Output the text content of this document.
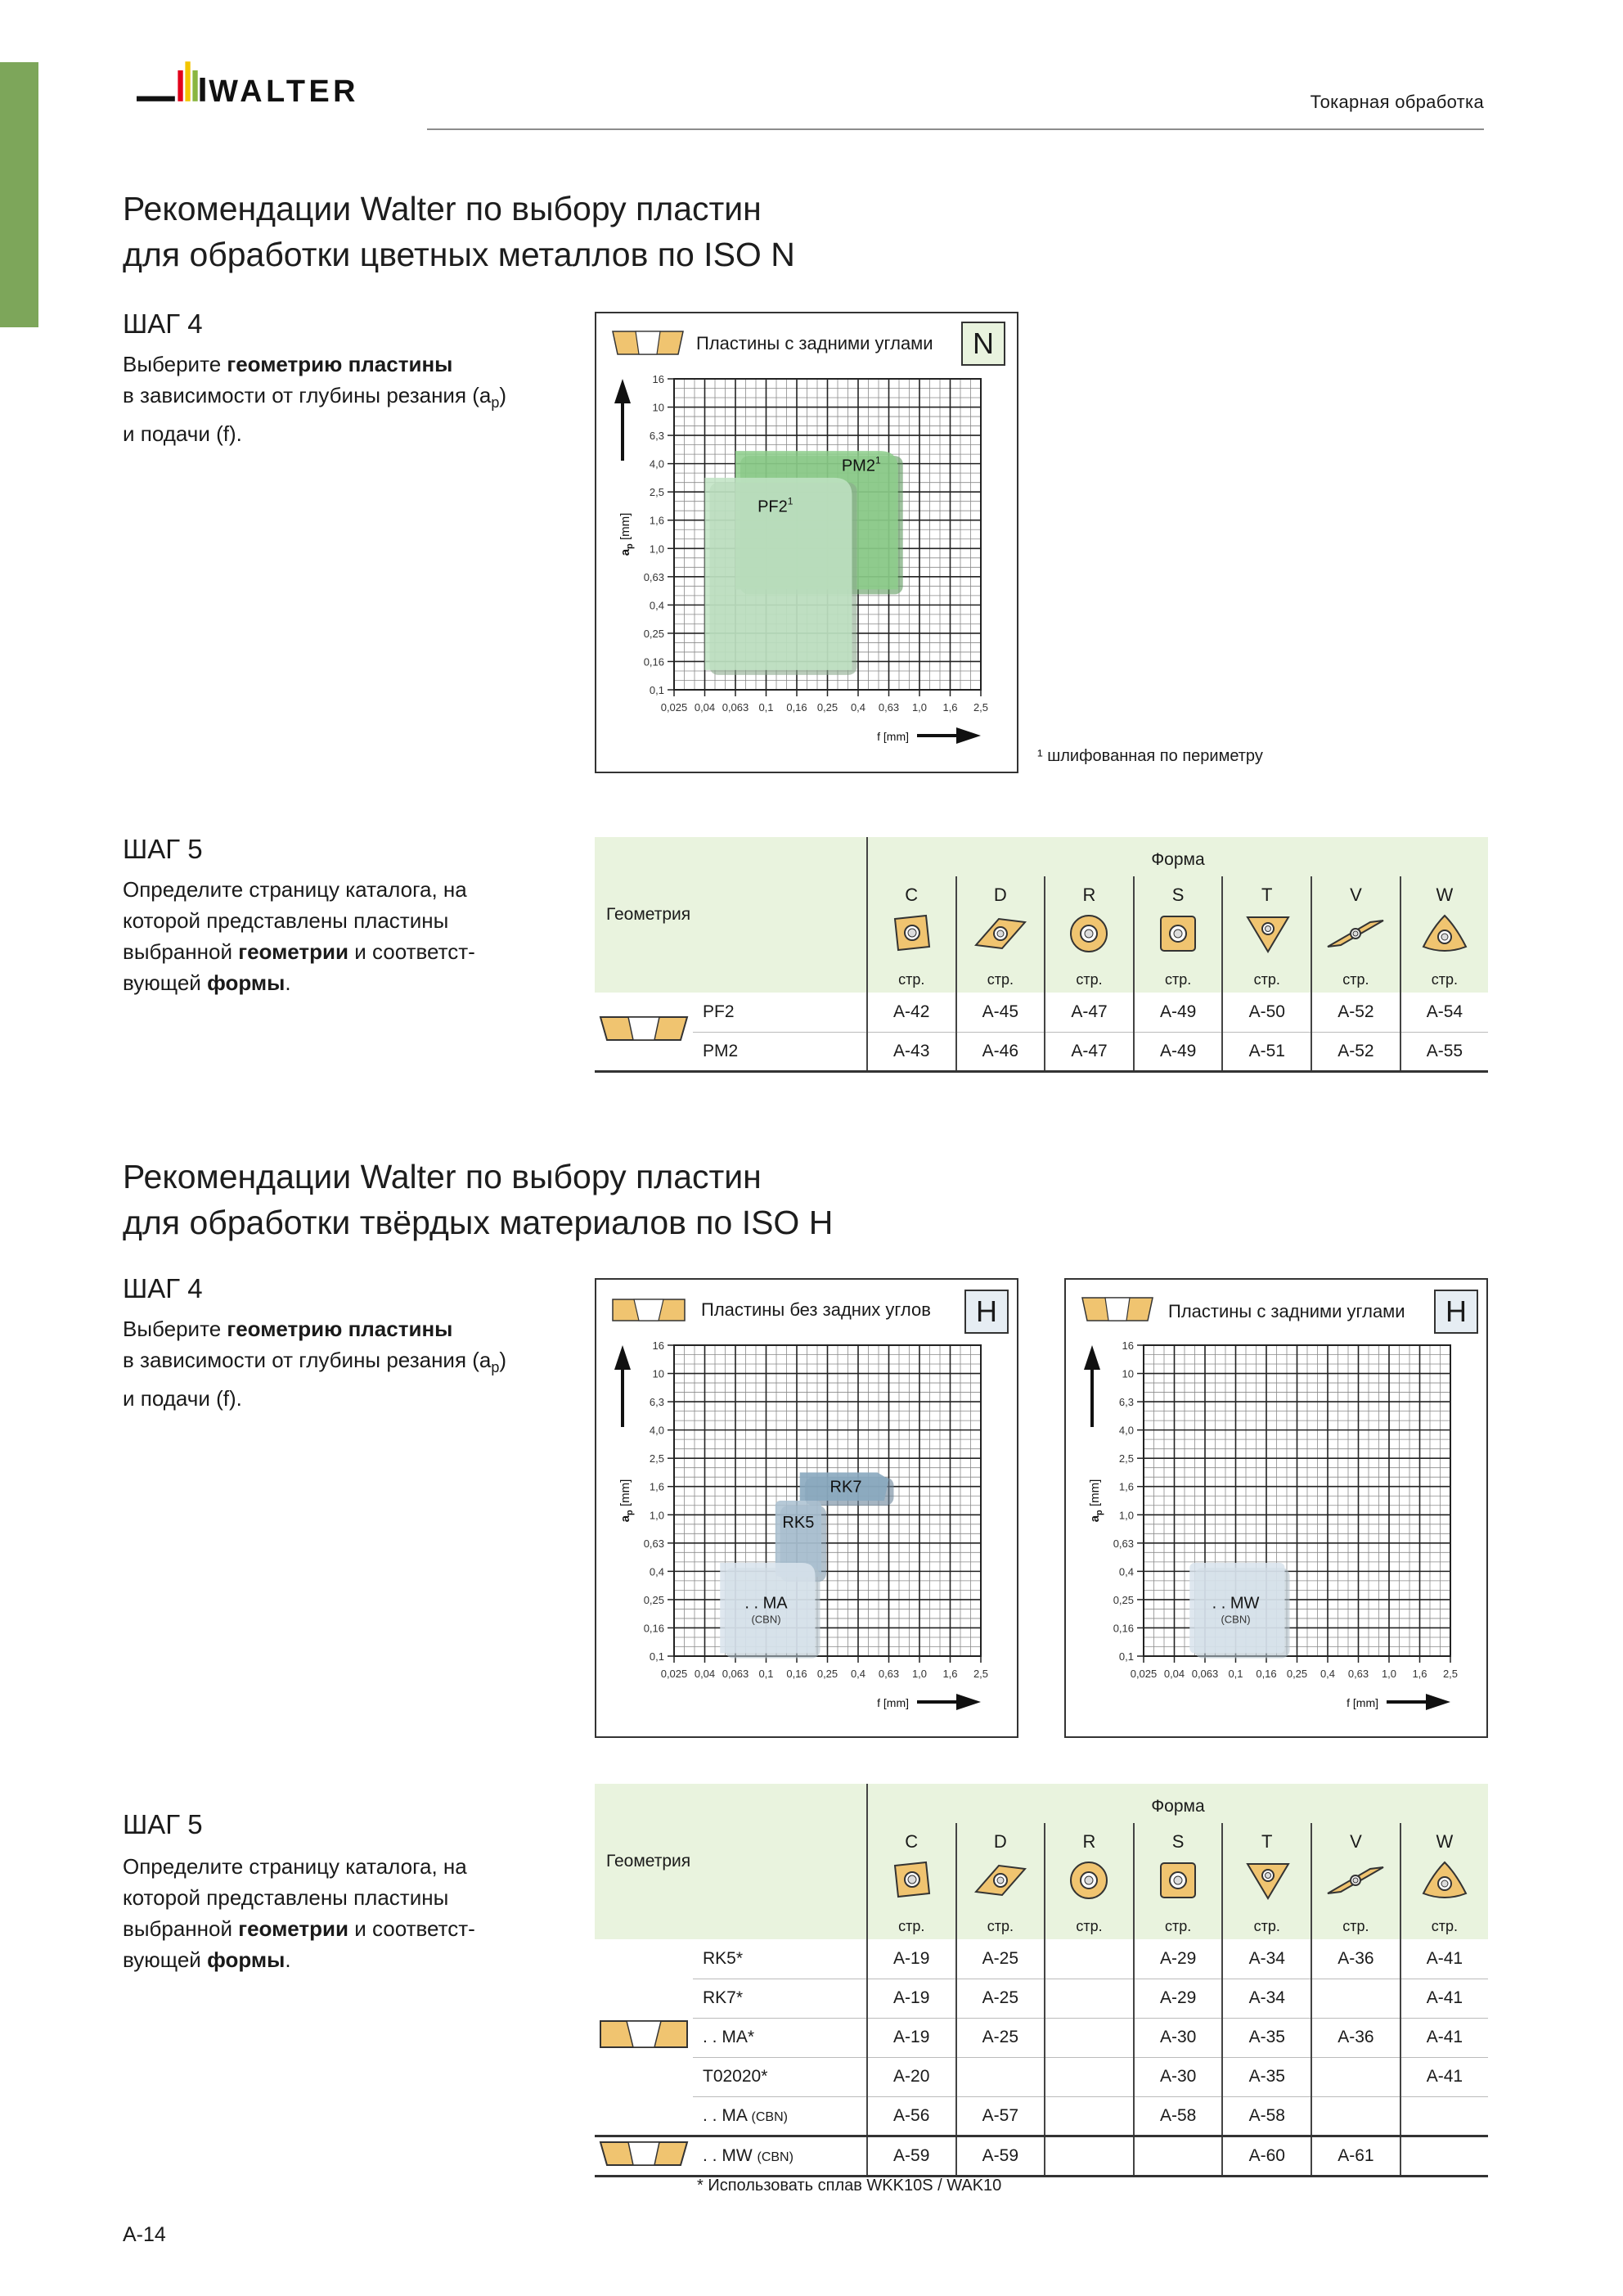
WALTER	Токарная обработка
Рекомендации Walter по выбору пластин
для обработки цветных металлов по ISO N
ШАГ 4
Выберите геометрию пластины
в зависимости от глубины резания $(a_p)$
и подачи (f).
16
10
6,3
4,0
2,5
1,6
1,0
0,63
0,4
0,25
0,16
0,1
0,025 0,04 0,063 0,1 0,16 0,25 0,4 0,63 1,0 1,6 2,5
$a_p$ [mm]
f [mm]
$PM2^1$
$PF2^1$
Пластины с задними углами	N
¹ шлифованная по периметру
ШАГ 5
Определите страницу каталога, на
которой представлены пластины
выбранной геометрии и соответст-
вующей формы.
Геометрия		Форма						

		C	D	R	S	T	V	W

		стр.	стр.	стр.	стр.	стр.	стр.	стр.
	PF2	A-42	A-45	A-47	A-49	A-50	A-52	A-54
	PM2	A-43	A-46	A-47	A-49	A-51	A-52	A-55
Рекомендации Walter по выбору пластин
для обработки твёрдых материалов по ISO H
ШАГ 4
Выберите геометрию пластины
в зависимости от глубины резания $(a_p)$
и подачи (f).
16
10
6,3
4,0
2,5
1,6
1,0
0,63
0,4
0,25
0,16
0,1
0,025 0,04 0,063 0,1 0,16 0,25 0,4 0,63 1,0 1,6 2,5
$a_p$ [mm]
f [mm]
RK7
RK5
. . MA
(CBN)
Пластины без задних углов	H
16
10
6,3
4,0
2,5
1,6
1,0
0,63
0,4
0,25
0,16
0,1
0,025 0,04 0,063 0,1 0,16 0,25 0,4 0,63 1,0 1,6 2,5
$a_p$ [mm]
f [mm]
. . MW
(CBN)
Пластины с задними углами	H
ШАГ 5
Определите страницу каталога, на
которой представлены пластины
выбранной геометрии и соответст-
вующей формы.
Геометрия		Форма						

		C	D	R	S	T	V	W

		стр.	стр.	стр.	стр.	стр.	стр.	стр.
	RK5*	A-19	A-25		A-29	A-34	A-36	A-41
	RK7*	A-19	A-25		A-29	A-34		A-41
	. . MA*	A-19	A-25		A-30	A-35	A-36	A-41
	T02020*	A-20			A-30	A-35		A-41
	. . MA (CBN)	A-56	A-57		A-58	A-58		
	. . MW (CBN)	A-59	A-59			A-60	A-61	
* Использовать сплав WKK10S / WAK10
A-14
